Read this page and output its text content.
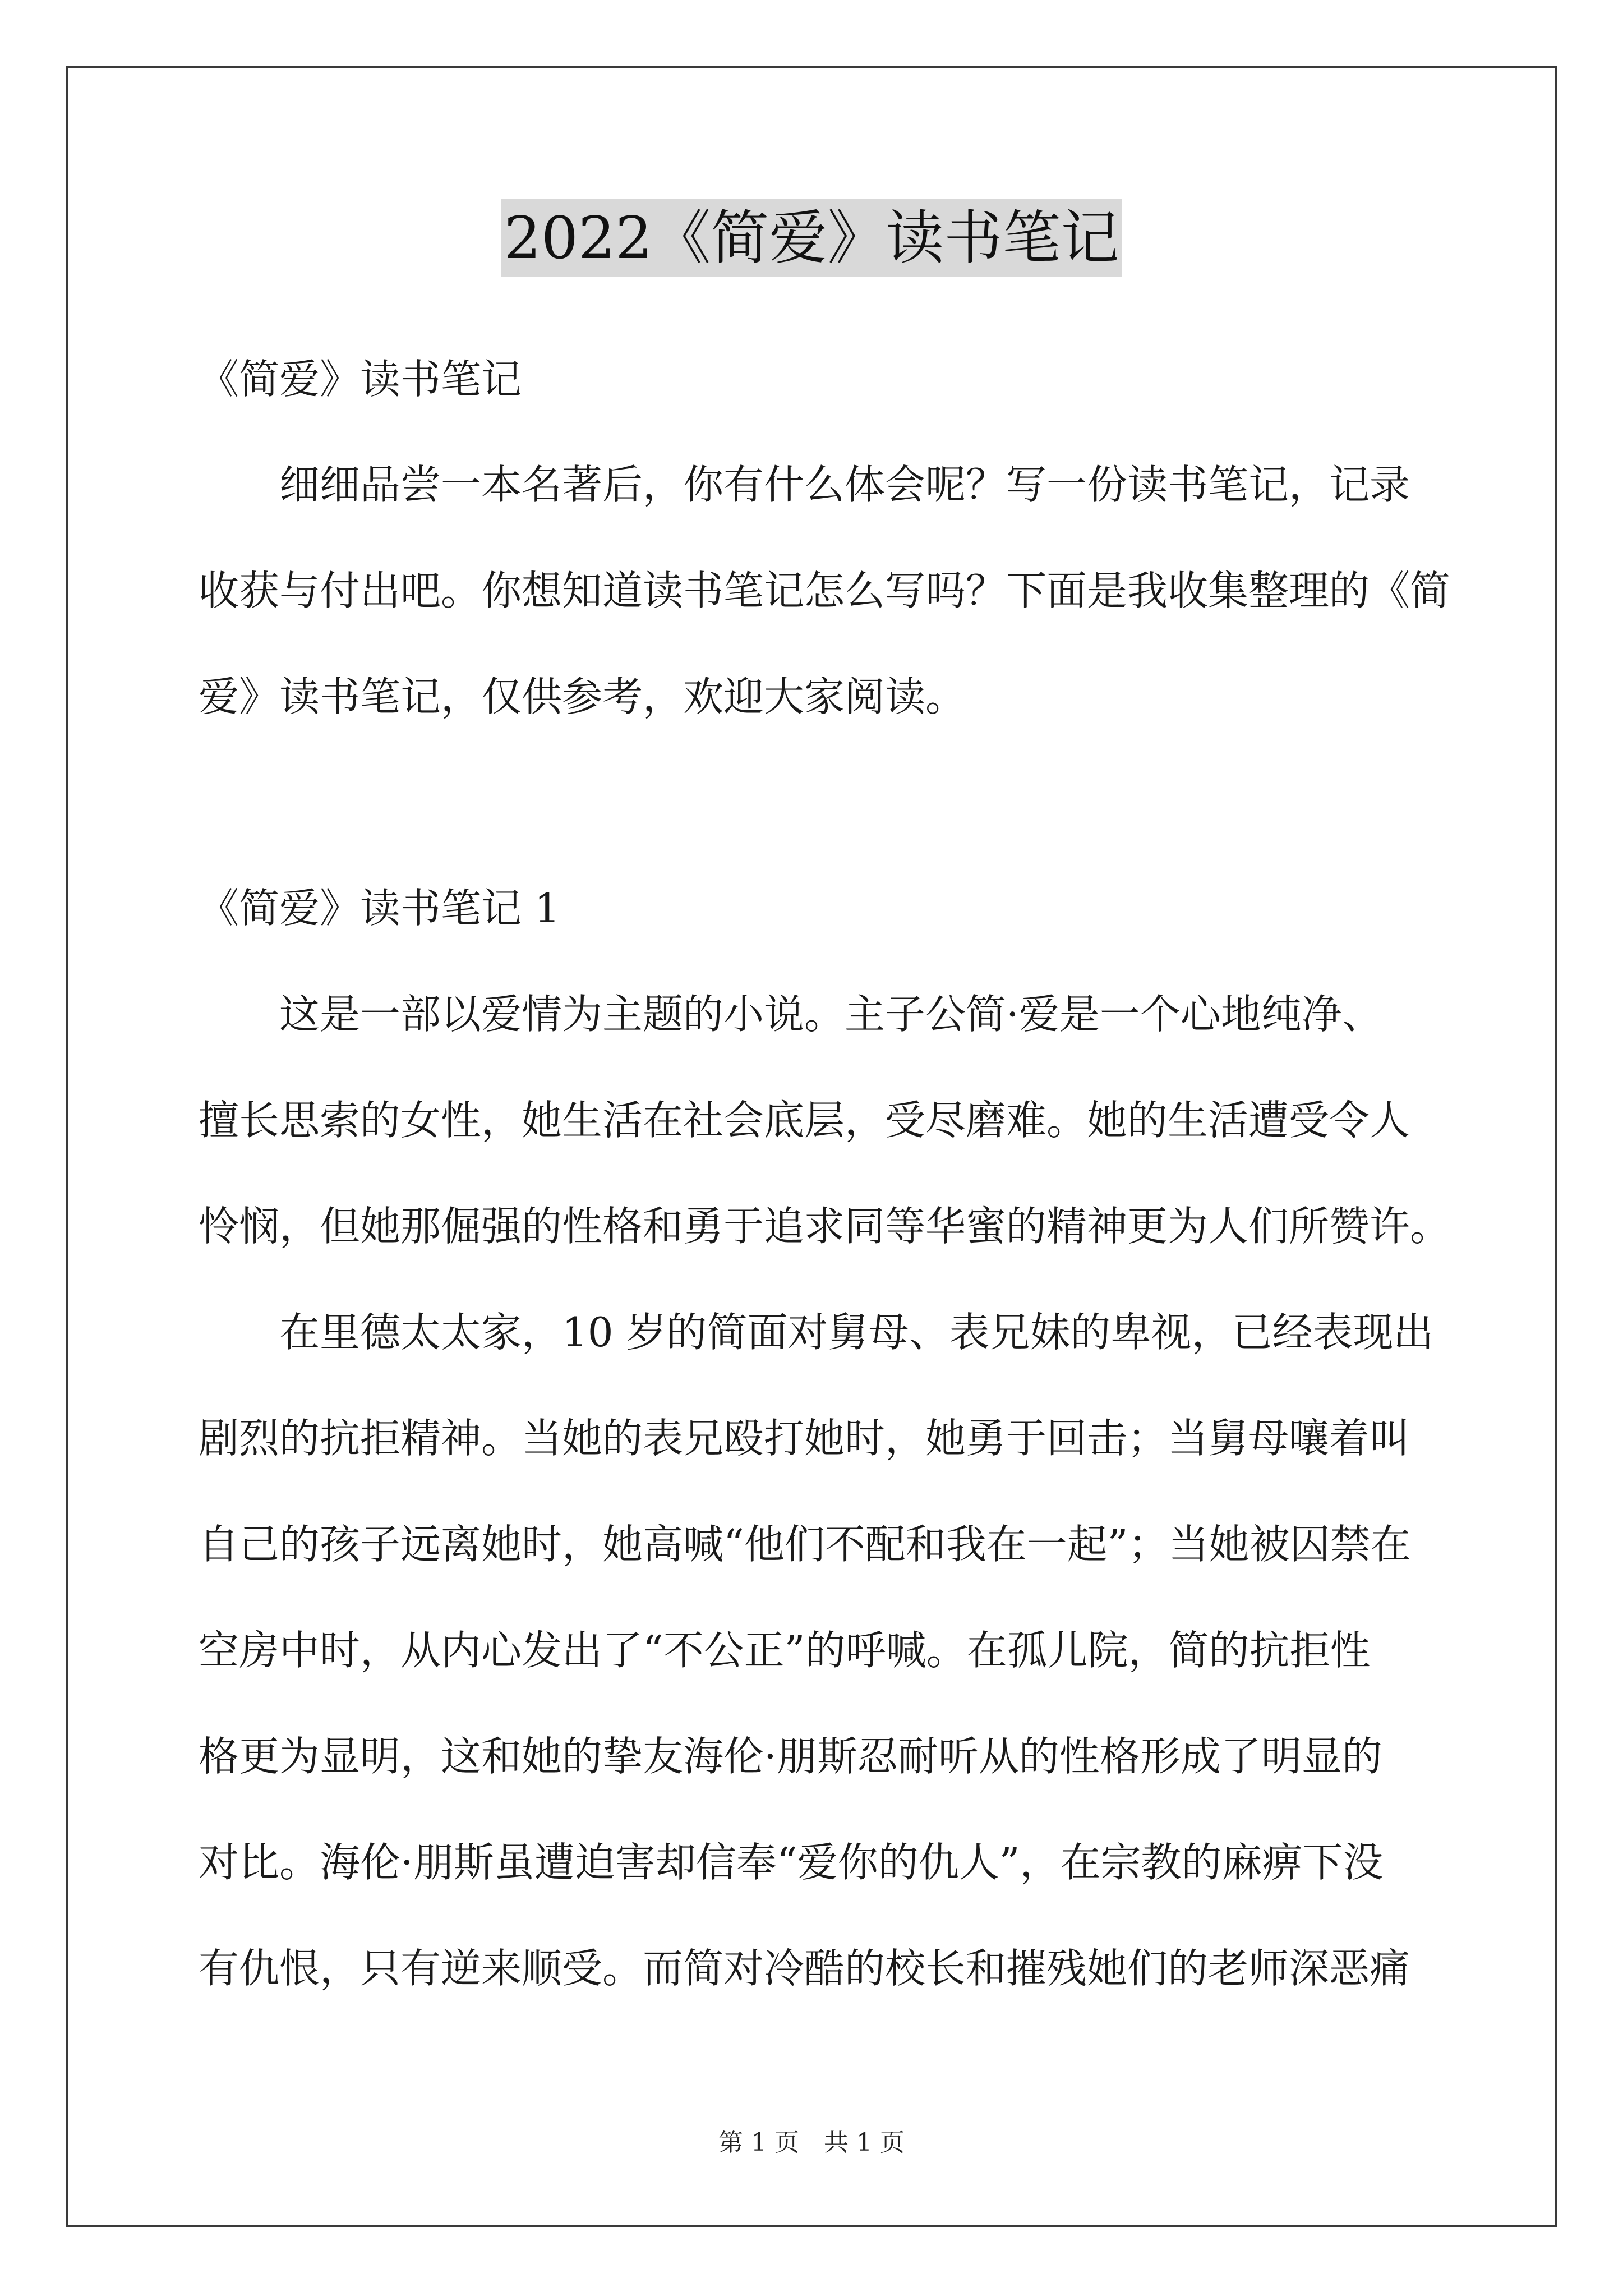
2022《简爱》读书笔记
《简爱》读书笔记
　　细细品尝一本名著后，你有什么体会呢？写一份读书笔记，记录
收获与付出吧。你想知道读书笔记怎么写吗？下面是我收集整理的《简
爱》读书笔记，仅供参考，欢迎大家阅读。
《简爱》读书笔记 1
　　这是一部以爱情为主题的小说。主子公简·爱是一个心地纯净、
擅长思索的女性，她生活在社会底层，受尽磨难。她的生活遭受令人
怜悯，但她那倔强的性格和勇于追求同等华蜜的精神更为人们所赞许。
　　在里德太太家，10 岁的简面对舅母、表兄妹的卑视，已经表现出
剧烈的抗拒精神。当她的表兄殴打她时，她勇于回击；当舅母嚷着叫
自己的孩子远离她时，她高喊“他们不配和我在一起”；当她被囚禁在
空房中时，从内心发出了“不公正”的呼喊。在孤儿院，简的抗拒性
格更为显明，这和她的挚友海伦·朋斯忍耐听从的性格形成了明显的
对比。海伦·朋斯虽遭迫害却信奉“爱你的仇人”，在宗教的麻痹下没
有仇恨，只有逆来顺受。而简对冷酷的校长和摧残她们的老师深恶痛
第 1 页　共 1 页
